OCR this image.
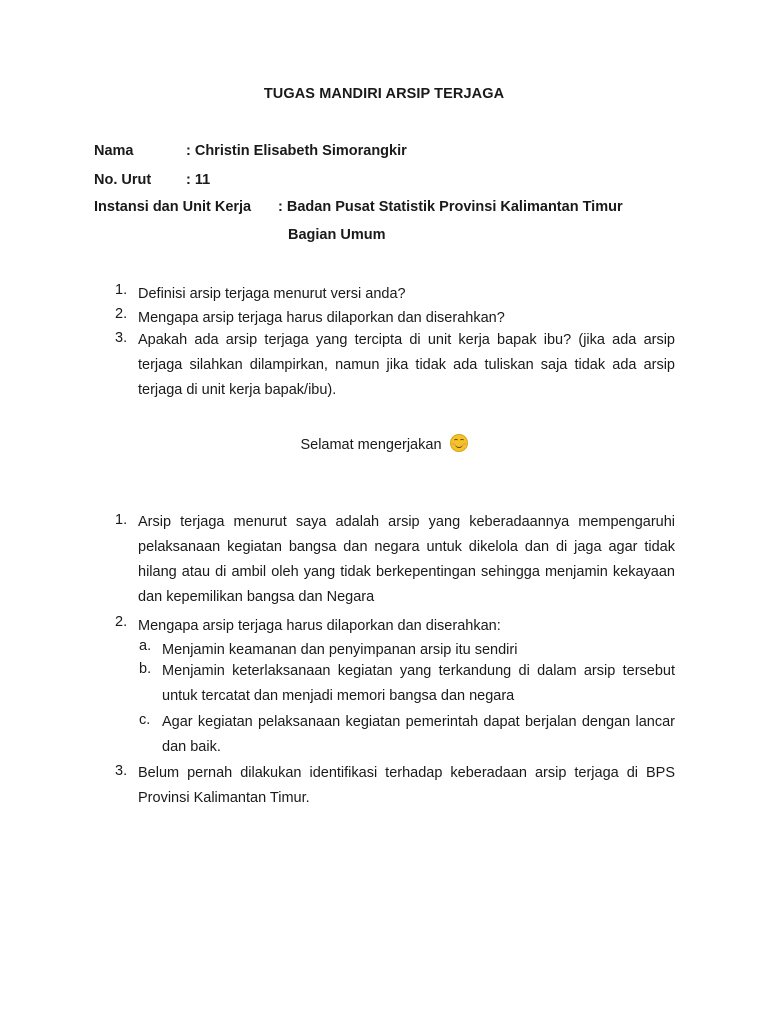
TUGAS MANDIRI ARSIP TERJAGA
Nama	: Christin Elisabeth Simorangkir
No. Urut : 11
Instansi dan Unit Kerja : Badan Pusat Statistik Provinsi Kalimantan Timur
Bagian Umum
1. Definisi arsip terjaga menurut versi anda?
2. Mengapa arsip terjaga harus dilaporkan dan diserahkan?
3. Apakah ada arsip terjaga yang tercipta di unit kerja bapak ibu? (jika ada arsip terjaga silahkan dilampirkan, namun jika tidak ada tuliskan saja tidak ada arsip terjaga di unit kerja bapak/ibu).
Selamat mengerjakan
1. Arsip terjaga menurut saya adalah arsip yang keberadaannya mempengaruhi pelaksanaan kegiatan bangsa dan negara untuk dikelola dan di jaga agar tidak hilang atau di ambil oleh yang tidak berkepentingan sehingga menjamin kekayaan dan kepemilikan bangsa dan Negara
2. Mengapa arsip terjaga harus dilaporkan dan diserahkan:
a. Menjamin keamanan dan penyimpanan arsip itu sendiri
b. Menjamin keterlaksanaan kegiatan yang terkandung di dalam arsip tersebut untuk tercatat dan menjadi memori bangsa dan negara
c. Agar kegiatan pelaksanaan kegiatan pemerintah dapat berjalan dengan lancar dan baik.
3. Belum pernah dilakukan identifikasi terhadap keberadaan arsip terjaga di BPS Provinsi Kalimantan Timur.
